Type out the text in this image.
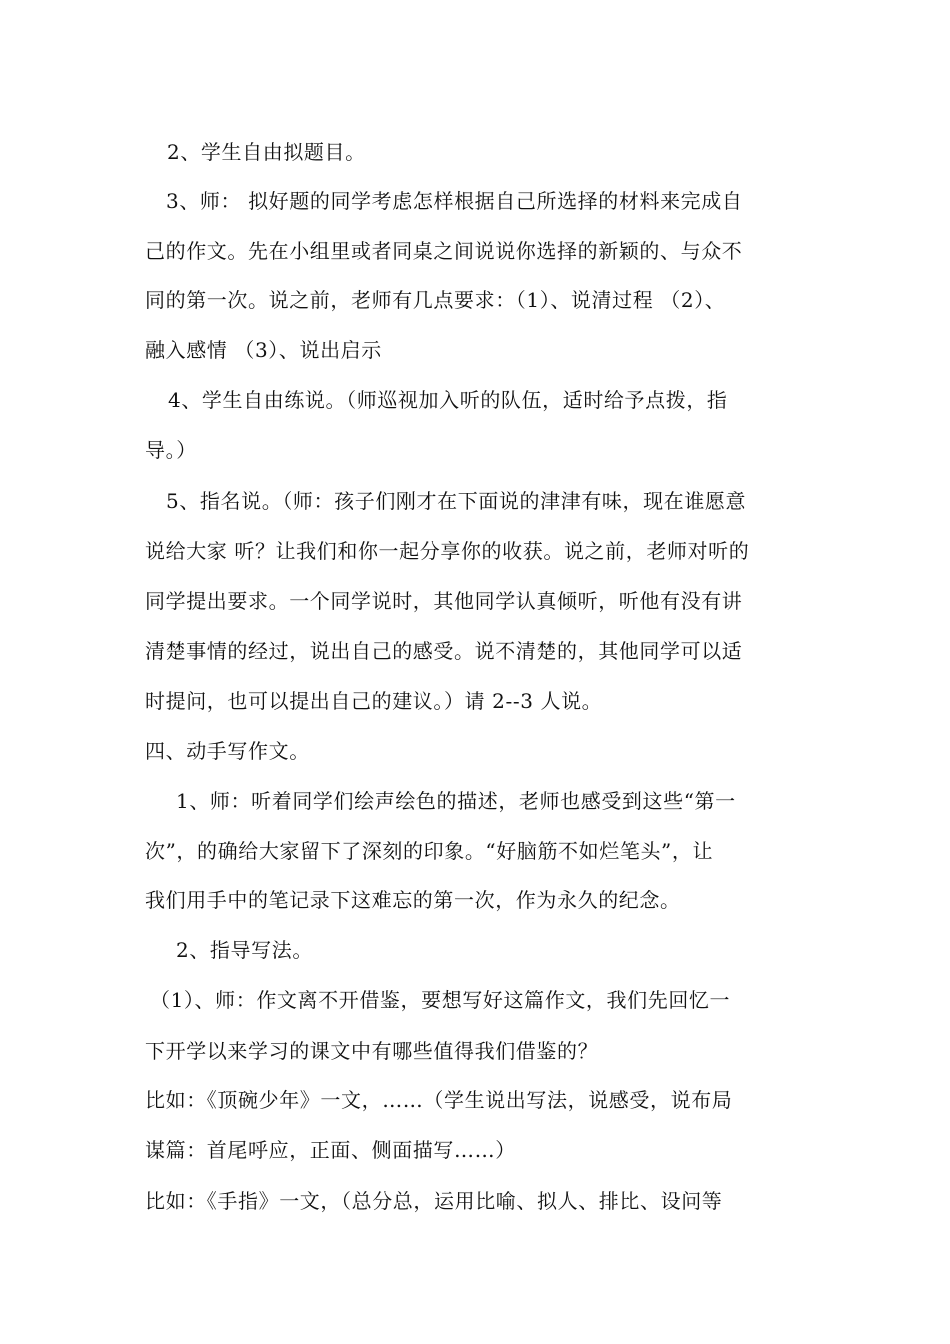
2、学生自由拟题目。
3、师： 拟好题的同学考虑怎样根据自己所选择的材料来完成自
己的作文。先在小组里或者同桌之间说说你选择的新颖的、与众不
同的第一次。说之前，老师有几点要求：（1）、说清过程 （2）、
融入感情 （3）、说出启示
4、学生自由练说。（师巡视加入听的队伍，适时给予点拨，指
导。）
5、指名说。（师：孩子们刚才在下面说的津津有味，现在谁愿意
说给大家 听？让我们和你一起分享你的收获。说之前，老师对听的
同学提出要求。一个同学说时，其他同学认真倾听，听他有没有讲
清楚事情的经过，说出自己的感受。说不清楚的，其他同学可以适
时提问，也可以提出自己的建议。）请 2--3 人说。
四、动手写作文。
1、师：听着同学们绘声绘色的描述，老师也感受到这些“第一
次”，的确给大家留下了深刻的印象。“好脑筋不如烂笔头”，让
我们用手中的笔记录下这难忘的第一次，作为永久的纪念。
2、指导写法。
（1）、师：作文离不开借鉴，要想写好这篇作文，我们先回忆一
下开学以来学习的课文中有哪些值得我们借鉴的？
比如：《顶碗少年》一文，……（学生说出写法，说感受，说布局
谋篇：首尾呼应，正面、侧面描写……）
比如：《手指》一文，（总分总，运用比喻、拟人、排比、设问等
